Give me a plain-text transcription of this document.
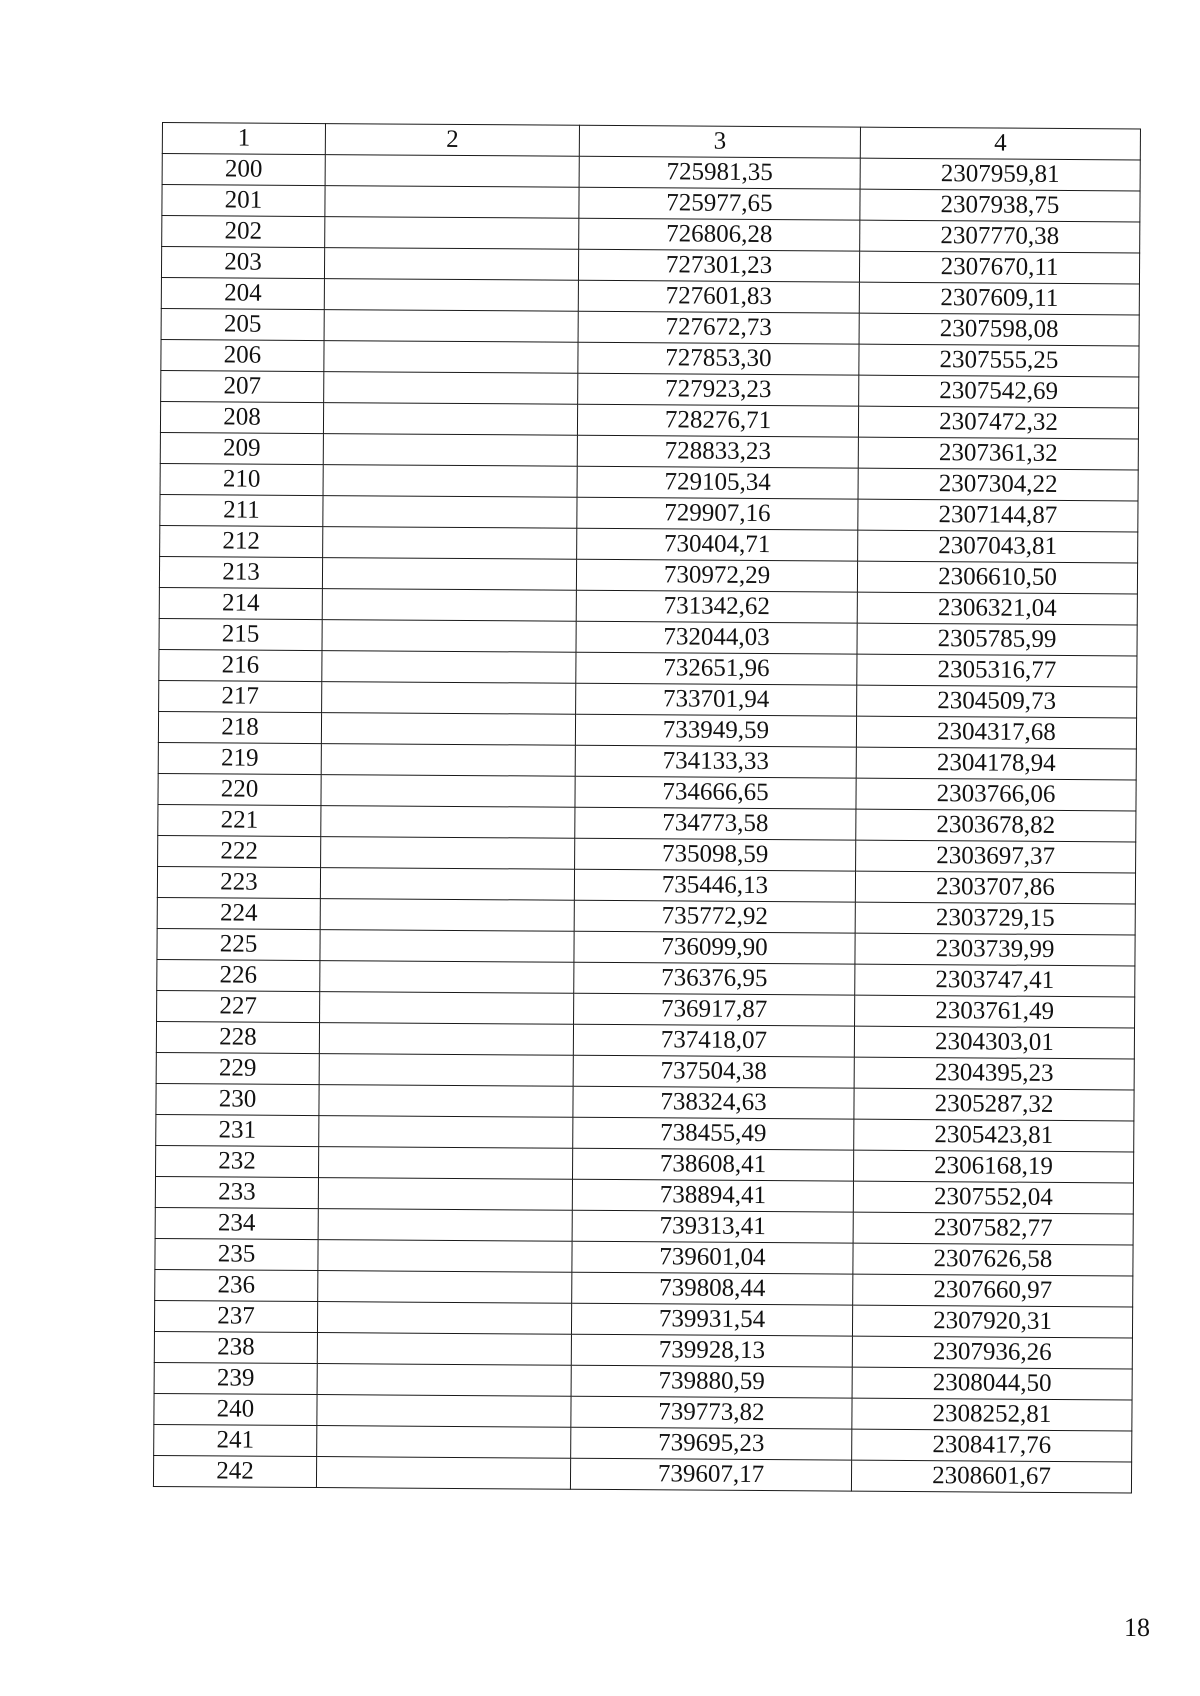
1	2	3	4
200		725981,35	2307959,81
201		725977,65	2307938,75
202		726806,28	2307770,38
203		727301,23	2307670,11
204		727601,83	2307609,11
205		727672,73	2307598,08
206		727853,30	2307555,25
207		727923,23	2307542,69
208		728276,71	2307472,32
209		728833,23	2307361,32
210		729105,34	2307304,22
211		729907,16	2307144,87
212		730404,71	2307043,81
213		730972,29	2306610,50
214		731342,62	2306321,04
215		732044,03	2305785,99
216		732651,96	2305316,77
217		733701,94	2304509,73
218		733949,59	2304317,68
219		734133,33	2304178,94
220		734666,65	2303766,06
221		734773,58	2303678,82
222		735098,59	2303697,37
223		735446,13	2303707,86
224		735772,92	2303729,15
225		736099,90	2303739,99
226		736376,95	2303747,41
227		736917,87	2303761,49
228		737418,07	2304303,01
229		737504,38	2304395,23
230		738324,63	2305287,32
231		738455,49	2305423,81
232		738608,41	2306168,19
233		738894,41	2307552,04
234		739313,41	2307582,77
235		739601,04	2307626,58
236		739808,44	2307660,97
237		739931,54	2307920,31
238		739928,13	2307936,26
239		739880,59	2308044,50
240		739773,82	2308252,81
241		739695,23	2308417,76
242		739607,17	2308601,67
18
